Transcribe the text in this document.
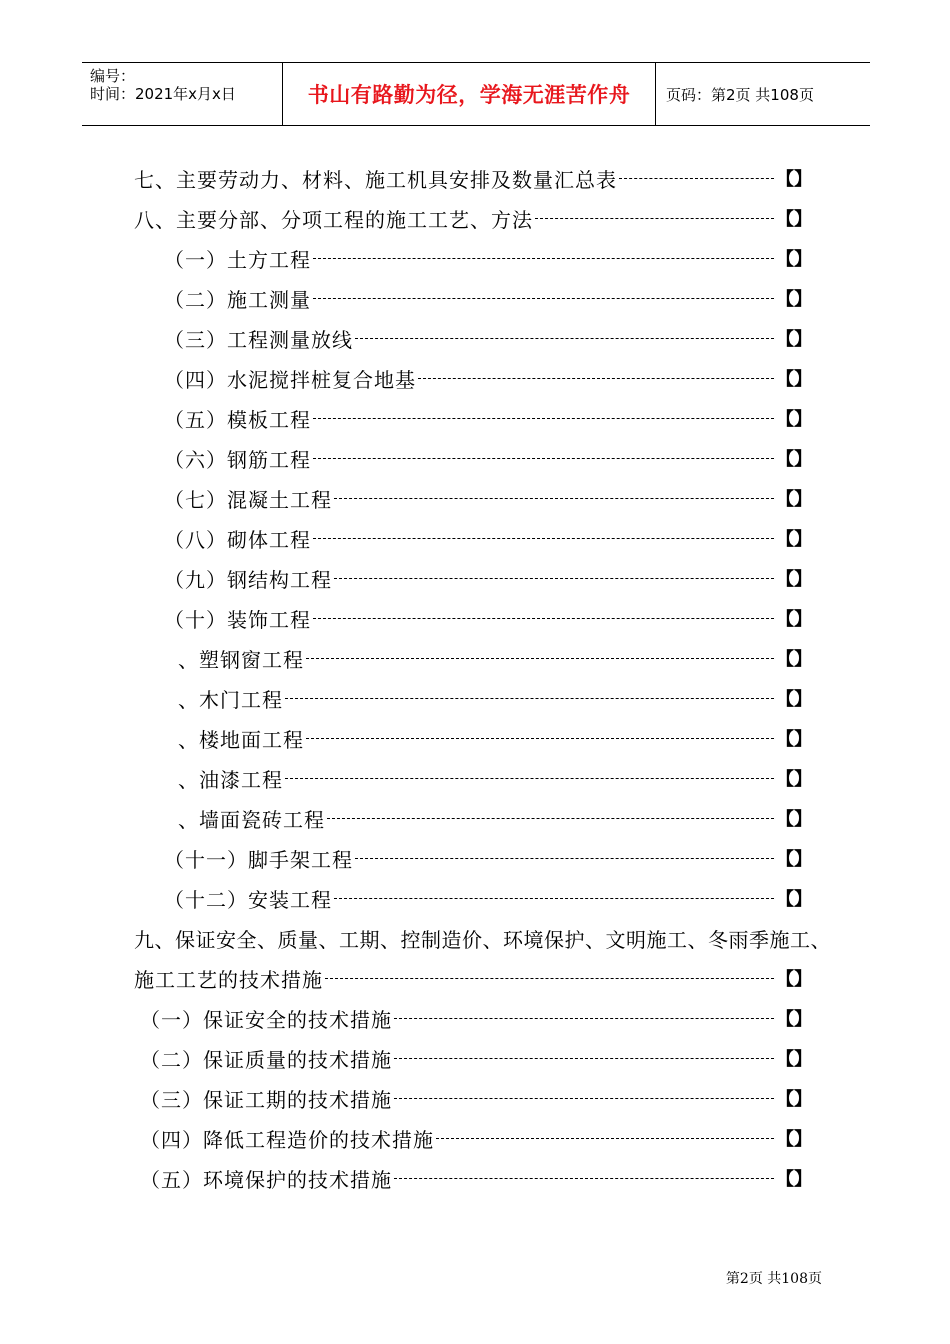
编号：
时间：2021年x月x日	书山有路勤为径，学海无涯苦作舟 页码：第2页 共108页
七、主要劳动力、材料、施工机具安排及数量汇总表	【】
八、主要分部、分项工程的施工工艺、方法	【】
（一）土方工程	【】
（二）施工测量	【】
（三）工程测量放线	【】
（四）水泥搅拌桩复合地基	【】
（五）模板工程	【】
（六）钢筋工程	【】
（七）混凝土工程	【】
（八）砌体工程	【】
（九）钢结构工程	【】
（十）装饰工程	【】
、塑钢窗工程	【】
、木门工程	【】
、楼地面工程	【】
、油漆工程	【】
、墙面瓷砖工程	【】
（十一）脚手架工程	【】
（十二）安装工程	【】
九、保证安全、质量、工期、控制造价、环境保护、文明施工、冬雨季施工、
施工工艺的技术措施	【】
（一）保证安全的技术措施	【】
（二）保证质量的技术措施	【】
（三）保证工期的技术措施	【】
（四）降低工程造价的技术措施	【】
（五）环境保护的技术措施	【】
第2页 共108页
